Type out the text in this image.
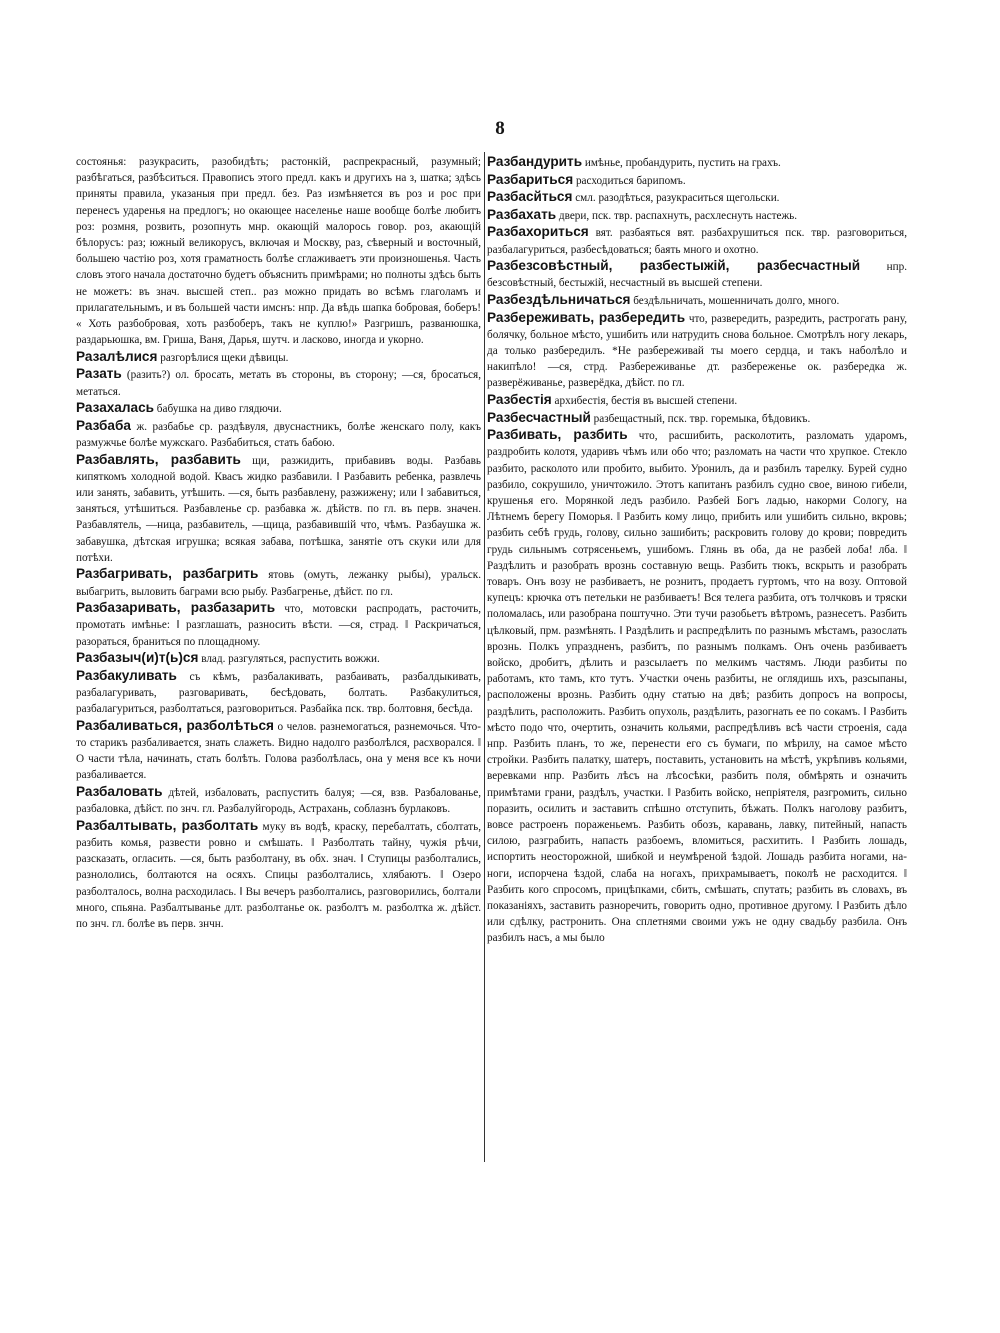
8

состоянья: разукрасить, разобидѣть; растонкій, распрекрасный, разумный; разбѣгаться, разбѣситься. Правописъ этого предл. какъ и другихъ на з, шатка; здѣсь приняты правила, указаныя при предл. без. Раз измѣняется въ роз и рос при перенесъ ударенья на предлогъ; но окающее населенье наше вообще болѣе любитъ роз: розмня, розвить, розопнуть мнр. окающій малорось говор. роз, акающій бѣлорусъ: раз; южный великорусъ, включая и Москву, раз, сѣверный и восточный, большею частію роз, хотя граматность болѣе сглаживаетъ эти произношенья. Часть словъ этого начала достаточно будетъ объяснить примѣрами; но полноты здѣсь быть не можетъ: въ знач. высшей степ.. раз можно придать во всѣмъ глаголамъ и прилагательнымъ, и въ большей части имснъ: нпр. Да вѣдь шапка бобровая, боберъ! « Хоть разбобровая, хоть разбоберъ, такъ не куплю!» Разгришъ, разванюшка, раздарьюшка, вм. Гриша, Ваня, Дарья, шутч. и ласково, иногда и укорно.

Разалѣлися разгорѣлися щеки дѣвицы.

Разать (разить?) ол. бросать, метать въ стороны, въ сторону; —ся, бросаться, метаться.

Разахалась бабушка на диво глядючи.

Разбаба ж. разбабье ср. раздѣвуля, двуснастникъ, болѣе женскаго полу, какъ размужчье болѣе мужскаго. Разбабиться, стать бабою.

Разбавлять, разбавить щи, разжидить, прибавивъ воды. Разбавь кипяткомъ холодной водой. Квасъ жидко разбавили. ‖ Разбавить ребенка, развлечь или занять, забавить, утѣшить. —ся, быть разбавлену, разжижену; или ‖ забавиться, заняться, утѣшиться. Разбавленье ср. разбавка ж. дѣйств. по гл. въ перв. значен. Разбавлятель, —ница, разбавитель, —щица, разбавившій что, чѣмъ. Разбаушка ж. забавушка, дѣтская игрушка; всякая забава, потѣшка, занятіе отъ скуки или для потѣхи.

Разбагривать, разбагрить ятовь (омуть, лежанку рыбы), уральск. выбагрить, выловить баграми всю рыбу. Разбагренье, дѣйст. по гл.

Разбазаривать, разбазарить что, мотовски распродать, расточить, промотать имѣнье: ‖ разглашать, разносить вѣсти. —ся, страд. ‖ Раскричаться, разораться, браниться по площадному.

Разбазыч(и)т(ь)ся влад. разгуляться, распустить вожжи.

Разбакуливать съ кѣмъ, разбалакивать, разбаивать, разбалдыкивать, разбалагуривать, разговаривать, бесѣдовать, болтать. Разбакулиться, разбалагуриться, разболтаться, разговориться. Разбайка пск. твр. болтовня, бесѣда.

Разбаливаться, разболѣться о челов. разнемогаться, разнемочься. Что-то старикъ разбаливается, знать слажеть. Видно надолго разболѣлся, расхворался. ‖ О части тѣла, начинать, стать болѣть. Голова разболѣлась, она у меня все къ ночи разбаливается.

Разбаловать дѣтей, избаловать, распустить балуя; —ся, взв. Разбалованье, разбаловка, дѣйст. по знч. гл. Разбалуйгородь, Астрахань, соблазнъ бурлаковъ.

Разбалтывать, разболтать муку въ водѣ, краску, перебалтать, сболтать, разбить комья, развести ровно и смѣшать. ‖ Разболтать тайну, чужія рѣчи, разсказать, огласить. —ся, быть разболтану, въ обх. знач. ‖ Ступицы разболтались, разнололись, болтаются на осяхъ. Спицы разболтались, хлябаютъ. ‖ Озеро разболталось, волна расходилась. ‖ Вы вечеръ разболтались, разговорились, болтали много, спьяна. Разбалтыванье длт. разболтанье ок. разболтъ м. разболтка ж. дѣйст. по знч. гл. болѣе въ перв. знчн.

Разбандурить имѣнье, пробандурить, пустить на грахъ.

Разбариться расходиться барипомъ.

Разбасйться смл. разодѣться, разукраситься щегольски.

Разбахать двери, пск. твр. распахнуть, расхлеснуть настежь.

Разбахориться вят. разбаяться вят. разбахрушиться пск. твр. разговориться, разбалагуриться, разбесѣдоваться; баять много и охотно.

Разбезсовѣстный, разбестыжій, разбесчастный нпр. безсовѣстный, бестыжій, несчастный въ высшей степени.

Разбездѣльничаться бездѣльничать, мошенничать долго, много.

Разбереживать, разбередить что, развередить, разредить, растрогать рану, болячку, больное мѣсто, ушибить или натрудить снова больное. Смотрѣлъ ногу лекарь, да только разбередилъ. *Не разбереживай ты моего сердца, и такъ наболѣло и накипѣло! —ся, стрд. Разбереживанье дт. разбереженье ок. разбередка ж. разверёживанье, разверёдка, дѣйст. по гл.

Разбестія архибестія, бестія въ высшей степени.

Разбесчастный разбещастный, пск. твр. горемыка, бѣдовикъ.

Разбивать, разбить что, расшибить, расколотить, разломать ударомъ, раздробить колотя, ударивъ чѣмъ или обо что; разломать на части что хрупкое. Стекло разбито, расколото или пробито, выбито. Уронилъ, да и разбилъ тарелку. Бурей судно разбило, сокрушило, уничтожило. Этотъ капитанъ разбилъ судно свое, виною гибели, крушенья его. Морянкой ледъ разбило. Разбей Богъ ладью, накорми Сологу, на Лѣтнемъ берегу Поморья. ‖ Разбить кому лицо, прибить или ушибить сильно, вкровь; разбить себѣ грудь, голову, сильно зашибить; раскровить голову до крови; повредить грудь сильнымъ сотрясеньемъ, ушибомъ. Глянь въ оба, да не разбей лоба! лба. ‖ Раздѣлить и разобрать врознь составную вещь. Разбить тюкъ, вскрыть и разобрать товаръ. Онъ возу не разбиваетъ, не рознитъ, продаетъ гуртомъ, что на возу. Оптовой купецъ: крючка отъ петельки не разбиваетъ! Вся телега разбита, отъ толчковъ и тряски поломалась, или разобрана поштучно. Эти тучи разобьетъ вѣтромъ, разнесетъ. Разбить цѣлковый, прм. размѣнять. ‖ Раздѣлить и распредѣлить по разнымъ мѣстамъ, разослать врознь. Полкъ упраздненъ, разбитъ, по разнымъ полкамъ. Онъ очень разбиваетъ войско, дробитъ, дѣлить и разсылаетъ по мелкимъ частямъ. Люди разбиты по работамъ, кто тамъ, кто тутъ. Участки очень разбиты, не оглядишь ихъ, разсыпаны, расположены врознь. Разбить одну статью на двѣ; разбить допросъ на вопросы, раздѣлить, расположить. Разбить опухоль, раздѣлить, разогнать ее по сокамъ. ‖ Разбить мѣсто подо что, очертить, означить кольями, распредѣливъ всѣ части строенія, сада нпр. Разбить планъ, то же, перенести его съ бумаги, по мѣрилу, на самое мѣсто стройки. Разбить палатку, шатеръ, поставить, установить на мѣстѣ, укрѣпивъ кольями, веревками нпр. Разбить лѣсъ на лѣсосѣки, разбить поля, обмѣрять и означить примѣтами грани, раздѣлъ, участки. ‖ Разбить войско, непріятеля, разгромить, сильно поразить, осилить и заставить спѣшно отступить, бѣжать. Полкъ наголову разбитъ, вовсе растроенъ пораженьемъ. Разбить обозъ, каравань, лавку, питейный, напасть силою, разграбить, напасть разбоемъ, вломиться, расхитить. ‖ Разбить лошадь, испортить неосторожной, шибкой и неумѣреной ѣздой. Лошадь разбита ногами, на-ноги, испорчена ѣздой, слаба на ногахъ, прихрамываетъ, поколѣ не расходится. ‖ Разбить кого спросомъ, прицѣпками, сбить, смѣшать, спутать; разбить въ словахъ, въ показаніяхъ, заставить разноречить, говорить одно, противное другому. ‖ Разбить дѣло или сдѣлку, растронить. Она сплетнями своими ужъ не одну свадьбу разбила. Онъ разбилъ насъ, а мы было
